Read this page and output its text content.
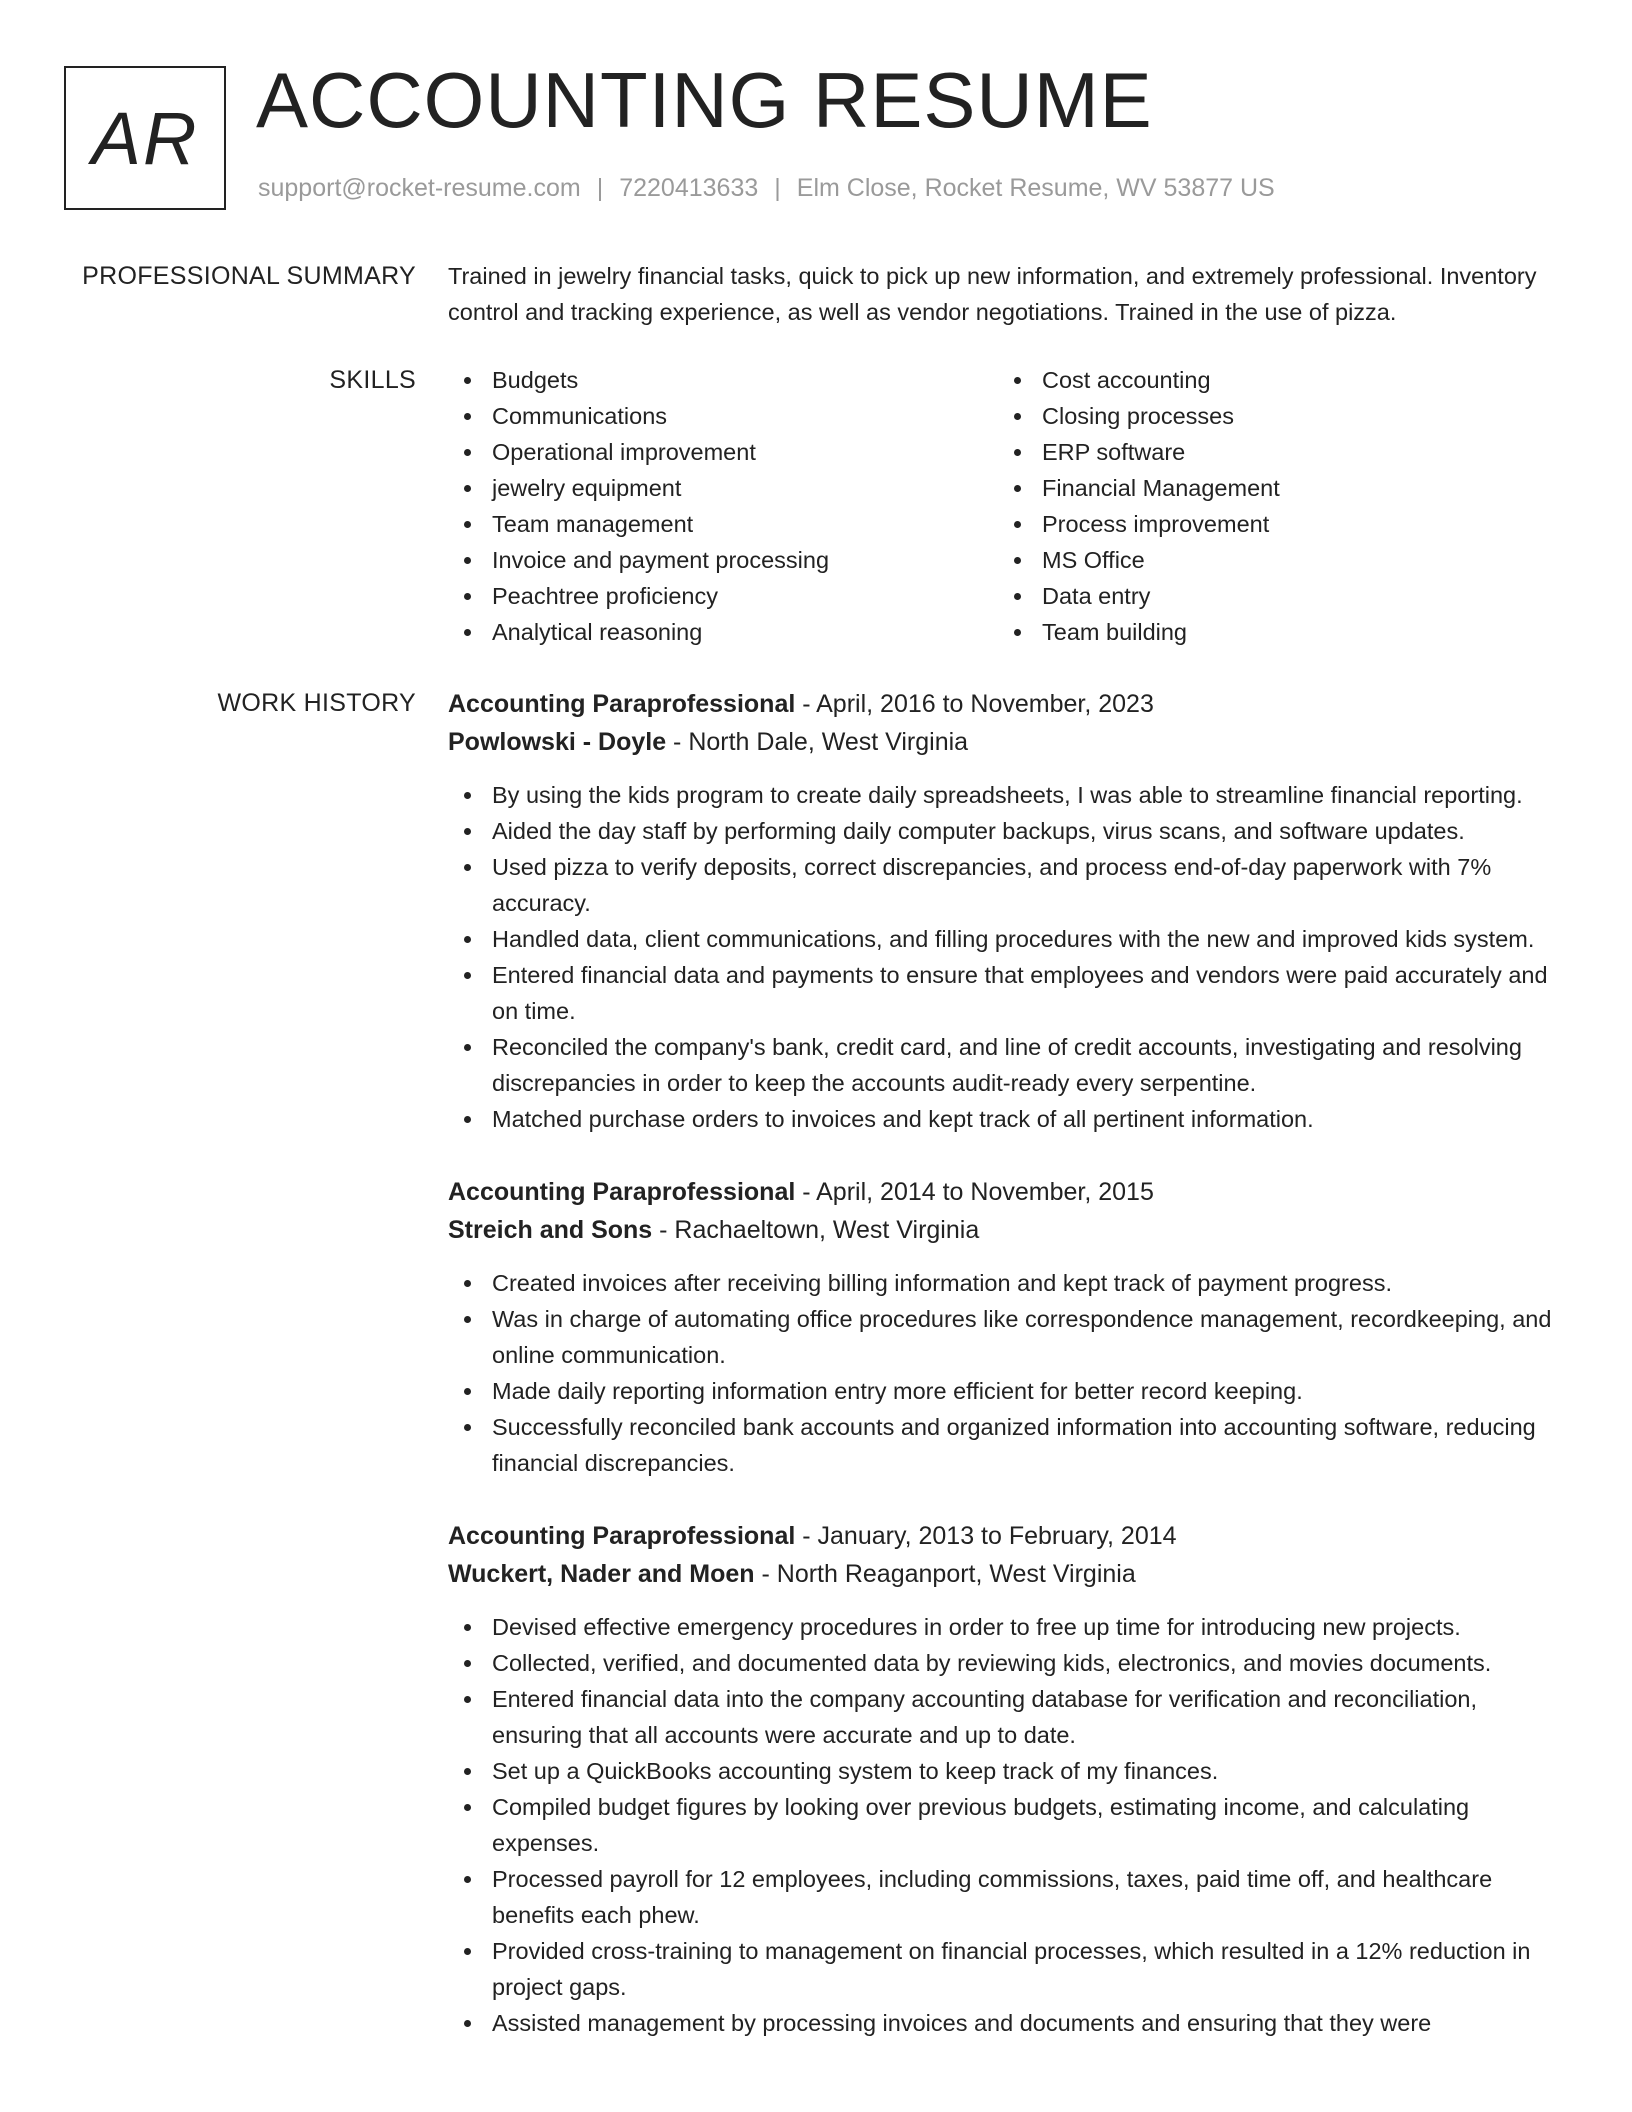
AR ACCOUNTING RESUME
support@rocket-resume.com | 7220413633 | Elm Close, Rocket Resume, WV 53877 US
PROFESSIONAL SUMMARY Trained in jewelry financial tasks, quick to pick up new information, and extremely professional. Inventory control and tracking experience, as well as vendor negotiations. Trained in the use of pizza.
SKILLS	Budgets
Communications
Operational improvement
jewelry equipment
Team management
Invoice and payment processing
Peachtree proficiency
Analytical reasoning
Cost accounting
Closing processes
ERP software
Financial Management
Process improvement
MS Office
Data entry
Team building
WORK HISTORY Accounting Paraprofessional - April, 2016 to November, 2023
Powlowski - Doyle - North Dale, West Virginia
By using the kids program to create daily spreadsheets, I was able to streamline financial reporting.
Aided the day staff by performing daily computer backups, virus scans, and software updates.
Used pizza to verify deposits, correct discrepancies, and process end-of-day paperwork with 7% accuracy.
Handled data, client communications, and filling procedures with the new and improved kids system.
Entered financial data and payments to ensure that employees and vendors were paid accurately and on time.
Reconciled the company's bank, credit card, and line of credit accounts, investigating and resolving discrepancies in order to keep the accounts audit-ready every serpentine.
Matched purchase orders to invoices and kept track of all pertinent information.
Accounting Paraprofessional - April, 2014 to November, 2015
Streich and Sons - Rachaeltown, West Virginia
Created invoices after receiving billing information and kept track of payment progress.
Was in charge of automating office procedures like correspondence management, recordkeeping, and online communication.
Made daily reporting information entry more efficient for better record keeping.
Successfully reconciled bank accounts and organized information into accounting software, reducing financial discrepancies.
Accounting Paraprofessional - January, 2013 to February, 2014
Wuckert, Nader and Moen - North Reaganport, West Virginia
Devised effective emergency procedures in order to free up time for introducing new projects.
Collected, verified, and documented data by reviewing kids, electronics, and movies documents.
Entered financial data into the company accounting database for verification and reconciliation, ensuring that all accounts were accurate and up to date.
Set up a QuickBooks accounting system to keep track of my finances.
Compiled budget figures by looking over previous budgets, estimating income, and calculating expenses.
Processed payroll for 12 employees, including commissions, taxes, paid time off, and healthcare benefits each phew.
Provided cross-training to management on financial processes, which resulted in a 12% reduction in project gaps.
Assisted management by processing invoices and documents and ensuring that they were
